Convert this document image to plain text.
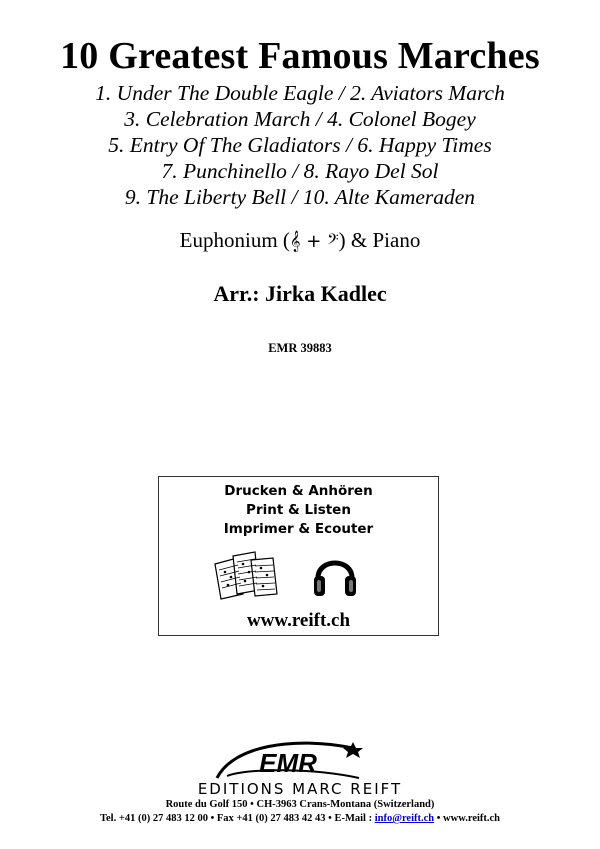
10 Greatest Famous Marches
1. Under The Double Eagle / 2. Aviators March
3. Celebration March / 4. Colonel Bogey
5. Entry Of The Gladiators / 6. Happy Times
7. Punchinello / 8. Rayo Del Sol
9. The Liberty Bell / 10. Alte Kameraden
Euphonium (𝄞 + 𝄢) & Piano
Arr.: Jirka Kadlec
EMR 39883
Drucken & Anhören
Print & Listen
Imprimer & Ecouter
www.reift.ch
EMR
EDITIONS MARC REIFT
Route du Golf 150 • CH-3963 Crans-Montana (Switzerland)
Tel. +41 (0) 27 483 12 00 • Fax +41 (0) 27 483 42 43 • E-Mail : info@reift.ch • www.reift.ch
